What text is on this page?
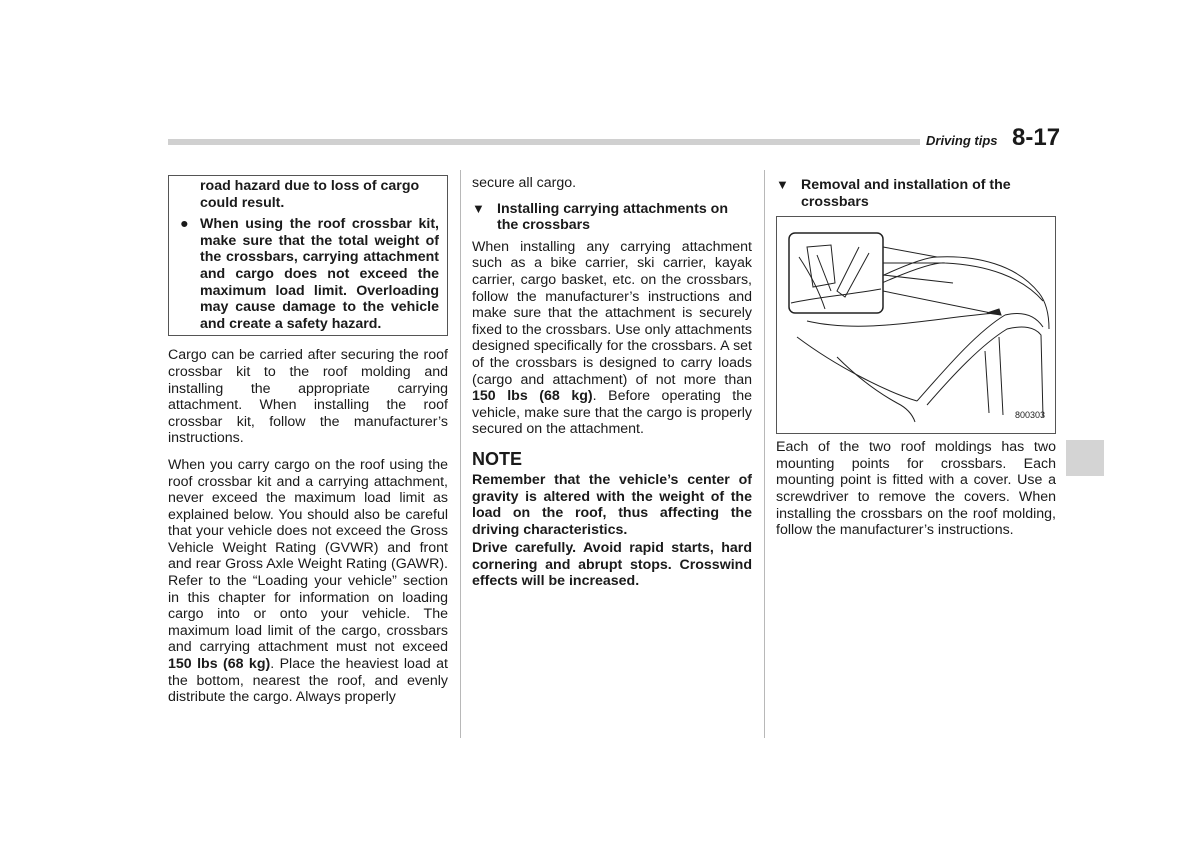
Driving tips 8-17

road hazard due to loss of cargo could result.

● When using the roof crossbar kit, make sure that the total weight of the crossbars, carrying attachment and cargo does not exceed the maximum load limit. Overloading may cause damage to the vehicle and create a safety hazard.

Cargo can be carried after securing the roof crossbar kit to the roof molding and installing the appropriate carrying attachment. When installing the roof crossbar kit, follow the manufacturer’s instructions.

When you carry cargo on the roof using the roof crossbar kit and a carrying attachment, never exceed the maximum load limit as explained below. You should also be careful that your vehicle does not exceed the Gross Vehicle Weight Rating (GVWR) and front and rear Gross Axle Weight Rating (GAWR). Refer to the “Loading your vehicle” section in this chapter for information on loading cargo into or onto your vehicle. The maximum load limit of the cargo, crossbars and carrying attachment must not exceed 150 lbs (68 kg). Place the heaviest load at the bottom, nearest the roof, and evenly distribute the cargo. Always properly

secure all cargo.

▼ Installing carrying attachments on the crossbars

When installing any carrying attachment such as a bike carrier, ski carrier, kayak carrier, cargo basket, etc. on the crossbars, follow the manufacturer’s instructions and make sure that the attachment is securely fixed to the crossbars. Use only attachments designed specifically for the crossbars. A set of the crossbars is designed to carry loads (cargo and attachment) of not more than 150 lbs (68 kg). Before operating the vehicle, make sure that the cargo is properly secured on the attachment.

NOTE

Remember that the vehicle’s center of gravity is altered with the weight of the load on the roof, thus affecting the driving characteristics.

Drive carefully. Avoid rapid starts, hard cornering and abrupt stops. Crosswind effects will be increased.

▼ Removal and installation of the crossbars
800303

Each of the two roof moldings has two mounting points for crossbars. Each mounting point is fitted with a cover. Use a screwdriver to remove the covers. When installing the crossbars on the roof molding, follow the manufacturer’s instructions.
